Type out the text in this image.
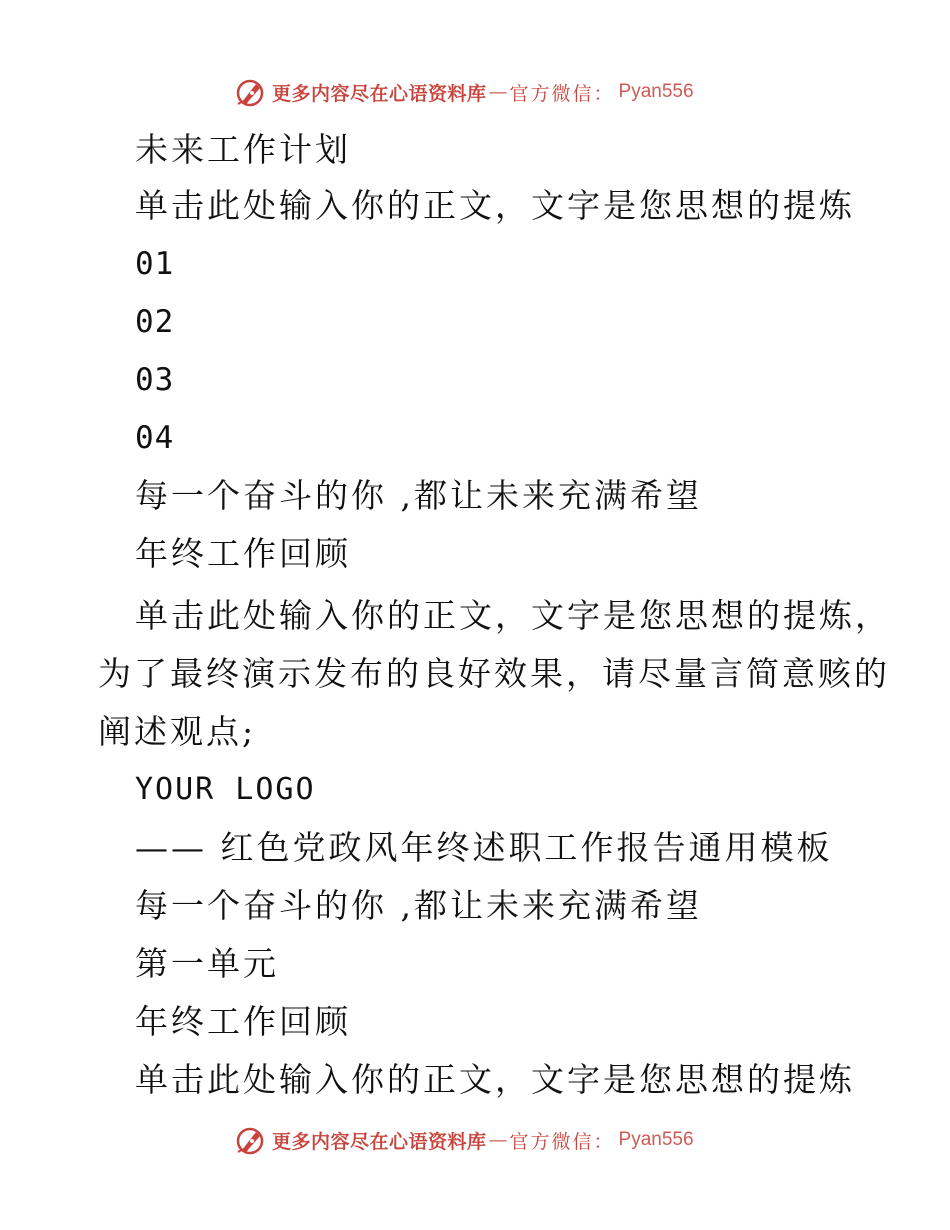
更多内容尽在心语资料库 — 官方微信： Pyan556
未来工作计划
单击此处输入你的正文，文字是您思想的提炼
01
02
03
04
每一个奋斗的你 ,都让未来充满希望
年终工作回顾
单击此处输入你的正文，文字是您思想的提炼，
为了最终演示发布的良好效果，请尽量言简意赅的
阐述观点;
YOUR LOGO
—— 红色党政风年终述职工作报告通用模板
每一个奋斗的你 ,都让未来充满希望
第一单元
年终工作回顾
单击此处输入你的正文，文字是您思想的提炼
更多内容尽在心语资料库 — 官方微信： Pyan556
